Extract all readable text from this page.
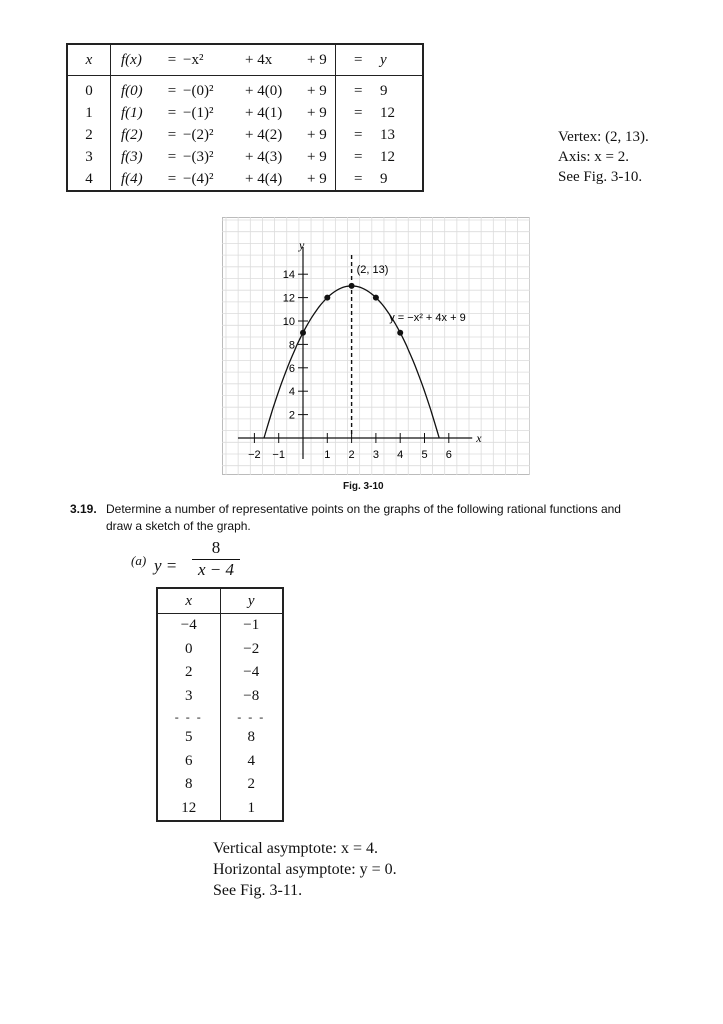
x	f(x) = −x² + 4x + 9	= y
0	f(0) = −(0)² + 4(0) + 9	= 9
1	f(1) = −(1)² + 4(1) + 9	= 12
2	f(2) = −(2)² + 4(2) + 9	= 13
3	f(3) = −(3)² + 4(3) + 9	= 12
4	f(4) = −(4)² + 4(4) + 9	= 9
Vertex: (2, 13).
Axis: x = 2.
See Fig. 3-10.
−2 −1	1 2 3 4 5 6
2
4
6
8
10
12
14
x
y
(2, 13)
y = −x² + 4x + 9
Fig. 3-10
3.19. Determine a number of representative points on the graphs of the following rational functions and
draw a sketch of the graph.
(a) $y = \frac{8}{x - 4}$
x	y
−4	−1
0	−2
2	−4
3	−8
- - -	- - -
5	8
6	4
8	2
12	1
Vertical asymptote: x = 4.
Horizontal asymptote: y = 0.
See Fig. 3-11.
